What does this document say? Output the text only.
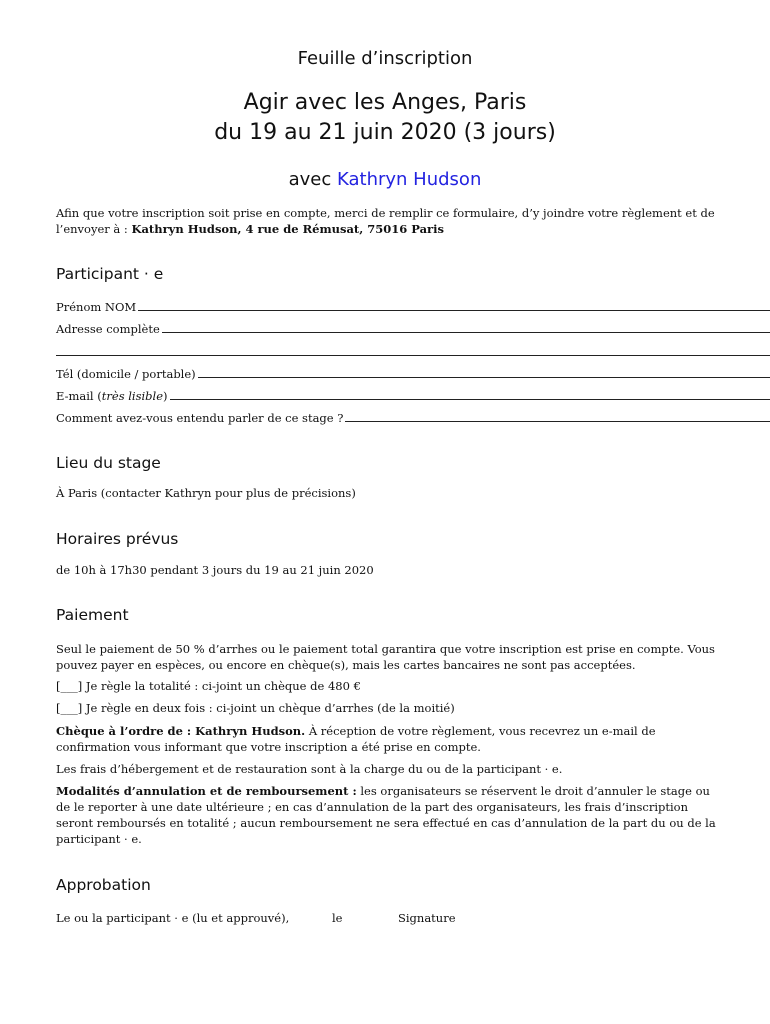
Feuille d’inscription
Agir avec les Anges, Paris
du 19 au 21 juin 2020 (3 jours)
avec Kathryn Hudson
Afin que votre inscription soit prise en compte, merci de remplir ce formulaire, d’y joindre votre règlement et de l’envoyer à : Kathryn Hudson, 4 rue de Rémusat, 75016 Paris
Participant · e
Prénom NOM
Adresse complète
Tél (domicile / portable)
E-mail (très lisible)
Comment avez-vous entendu parler de ce stage ?
Lieu du stage
À Paris (contacter Kathryn pour plus de précisions)
Horaires prévus
de 10h à 17h30 pendant 3 jours du 19 au 21 juin 2020
Paiement
Seul le paiement de 50 % d’arrhes ou le paiement total garantira que votre inscription est prise en compte. Vous pouvez payer en espèces, ou encore en chèque(s), mais les cartes bancaires ne sont pas acceptées.
[___] Je règle la totalité : ci-joint un chèque de 480 €
[___] Je règle en deux fois : ci-joint un chèque d’arrhes (de la moitié)
Chèque à l’ordre de : Kathryn Hudson. À réception de votre règlement, vous recevrez un e-mail de confirmation vous informant que votre inscription a été prise en compte.
Les frais d’hébergement et de restauration sont à la charge du ou de la participant · e.
Modalités d’annulation et de remboursement : les organisateurs se réservent le droit d’annuler le stage ou de le reporter à une date ultérieure ; en cas d’annulation de la part des organisateurs, les frais d’inscription seront remboursés en totalité ; aucun remboursement ne sera effectué en cas d’annulation de la part du ou de la participant · e.
Approbation
Le ou la participant · e (lu et approuvé),	le	Signature
